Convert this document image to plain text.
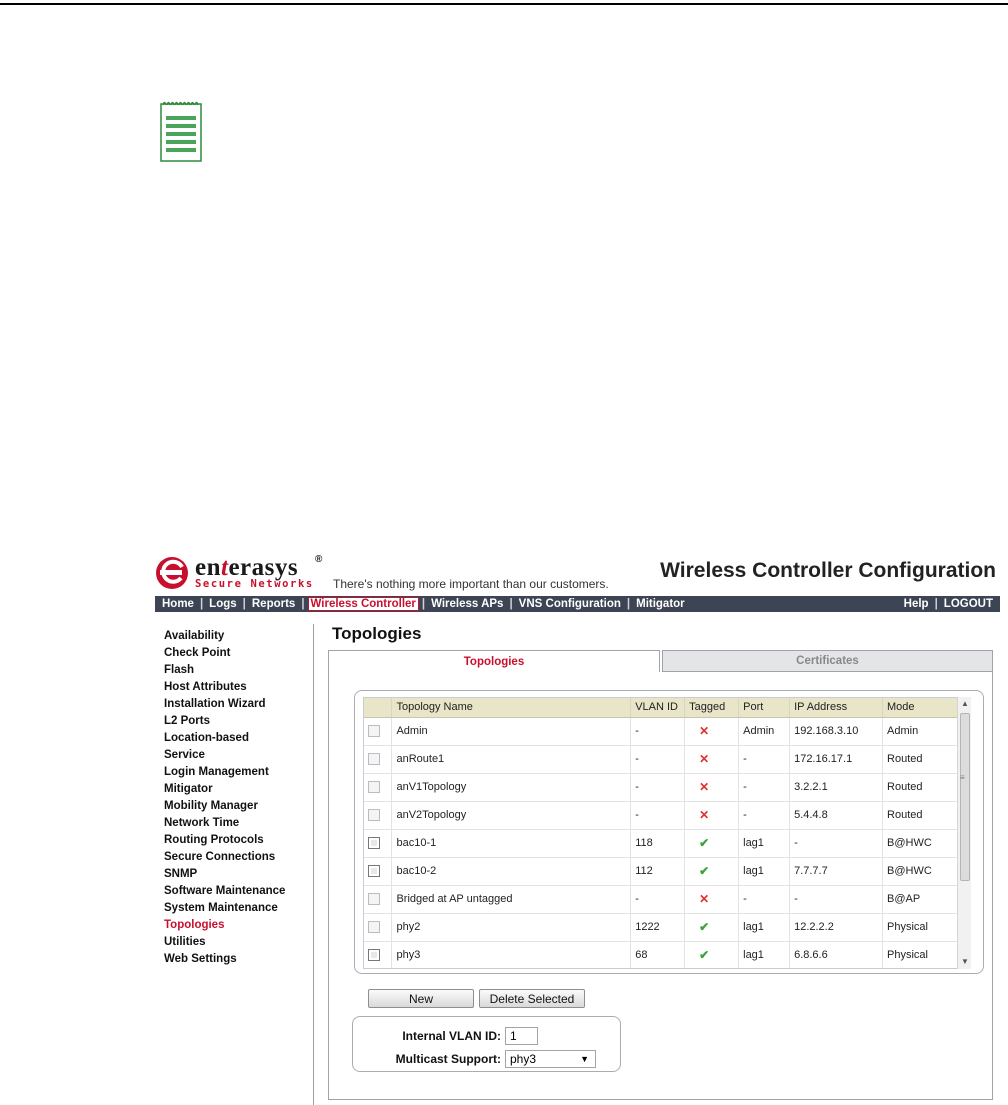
enterasys ®
Secure Networks There's nothing more important than our customers.
Wireless Controller Configuration
Home | Logs | Reports | Wireless Controller | Wireless APs | VNS Configuration | Mitigator	Help | LOGOUT
Availability
Check Point
Flash
Host Attributes
Installation Wizard
L2 Ports
Location-based Service
Login Management
Mitigator
Mobility Manager
Network Time
Routing Protocols
Secure Connections
SNMP
Software Maintenance
System Maintenance
Topologies
Utilities
Web Settings
Topologies
Topologies	Certificates
	Topology Name	VLAN ID	Tagged	Port	IP Address	Mode
	Admin	-	✕	Admin	192.168.3.10	Admin
	anRoute1	-	✕	-	172.16.17.1	Routed
	anV1Topology	-	✕	-	3.2.2.1	Routed
	anV2Topology	-	✕	-	5.4.4.8	Routed
	bac10-1	118	✔	lag1	-	B@HWC
	bac10-2	112	✔	lag1	7.7.7.7	B@HWC
	Bridged at AP untagged	-	✕	-	-	B@AP
	phy2	1222	✔	lag1	12.2.2.2	Physical
	phy3	68	✔	lag1	6.8.6.6	Physical
▲
≡
▼
New	Delete Selected
Internal VLAN ID: 1
Multicast Support: phy3	▼
